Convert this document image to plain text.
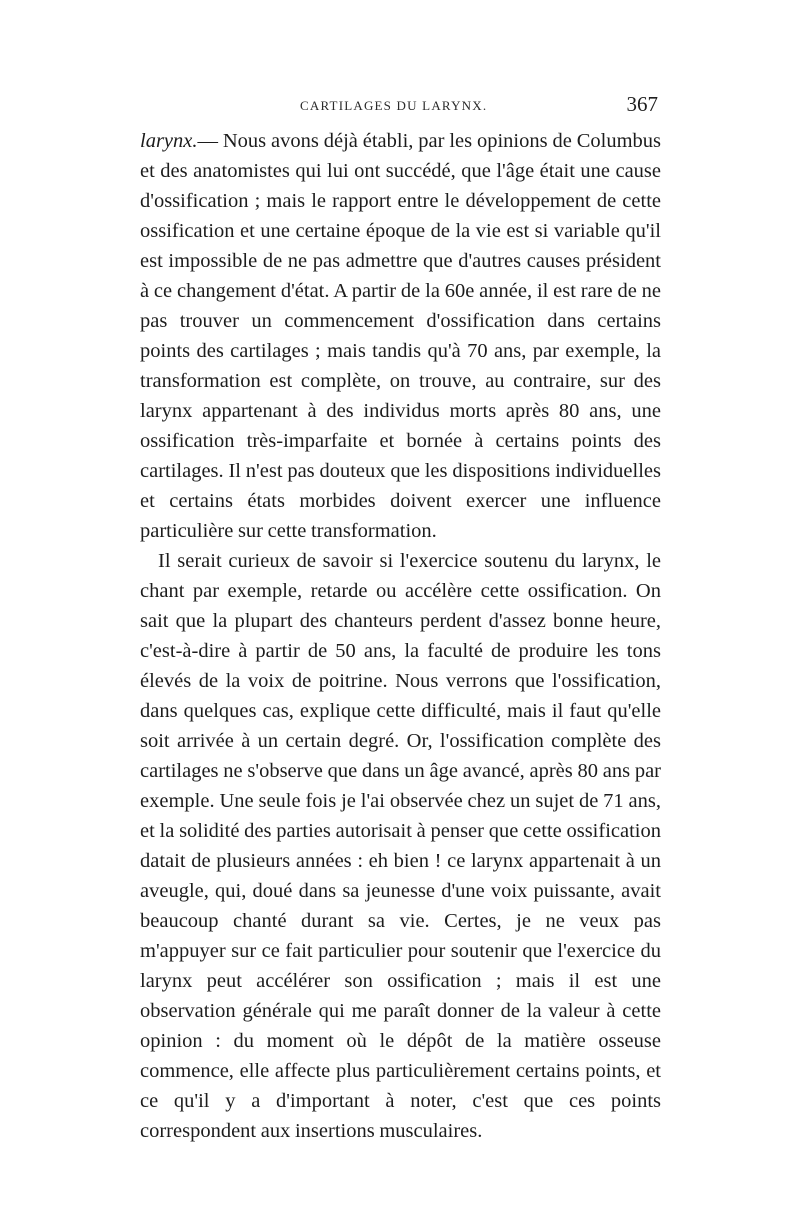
CARTILAGES DU LARYNX.	367

larynx.— Nous avons déjà établi, par les opinions de Columbus et des anatomistes qui lui ont succédé, que l'âge était une cause d'ossification ; mais le rapport entre le développement de cette ossification et une certaine époque de la vie est si variable qu'il est impossible de ne pas admettre que d'autres causes président à ce changement d'état. A partir de la 60e année, il est rare de ne pas trouver un commencement d'ossification dans certains points des cartilages ; mais tandis qu'à 70 ans, par exemple, la transformation est complète, on trouve, au contraire, sur des larynx appartenant à des individus morts après 80 ans, une ossification très-imparfaite et bornée à certains points des cartilages. Il n'est pas douteux que les dispositions individuelles et certains états morbides doivent exercer une influence particulière sur cette transformation.

Il serait curieux de savoir si l'exercice soutenu du larynx, le chant par exemple, retarde ou accélère cette ossification. On sait que la plupart des chanteurs perdent d'assez bonne heure, c'est-à-dire à partir de 50 ans, la faculté de produire les tons élevés de la voix de poitrine. Nous verrons que l'ossification, dans quelques cas, explique cette difficulté, mais il faut qu'elle soit arrivée à un certain degré. Or, l'ossification complète des cartilages ne s'observe que dans un âge avancé, après 80 ans par exemple. Une seule fois je l'ai observée chez un sujet de 71 ans, et la solidité des parties autorisait à penser que cette ossification datait de plusieurs années : eh bien ! ce larynx appartenait à un aveugle, qui, doué dans sa jeunesse d'une voix puissante, avait beaucoup chanté durant sa vie. Certes, je ne veux pas m'appuyer sur ce fait particulier pour soutenir que l'exercice du larynx peut accélérer son ossification ; mais il est une observation générale qui me paraît donner de la valeur à cette opinion : du moment où le dépôt de la matière osseuse commence, elle affecte plus particulièrement certains points, et ce qu'il y a d'important à noter, c'est que ces points correspondent aux insertions musculaires.
